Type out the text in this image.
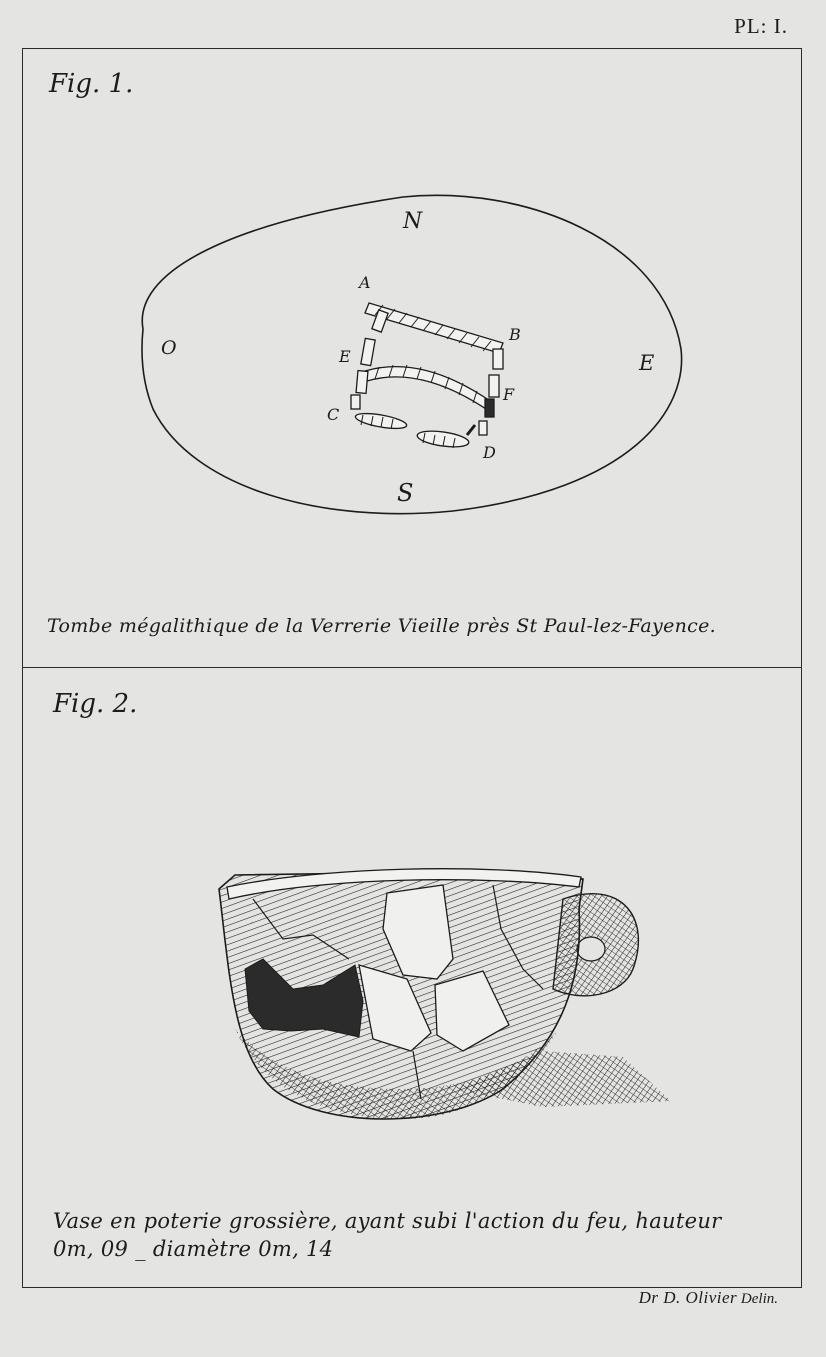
PL: I.
Fig. 1.
N
S
E
O
A
B
C
D
E
F
Tombe mégalithique de la Verrerie Vieille près St Paul-lez-Fayence.
Fig. 2.
Vase en poterie grossière, ayant subi l'action du feu, hauteur
0m, 09 _ diamètre 0m, 14
Dr D. Olivier Delin.
